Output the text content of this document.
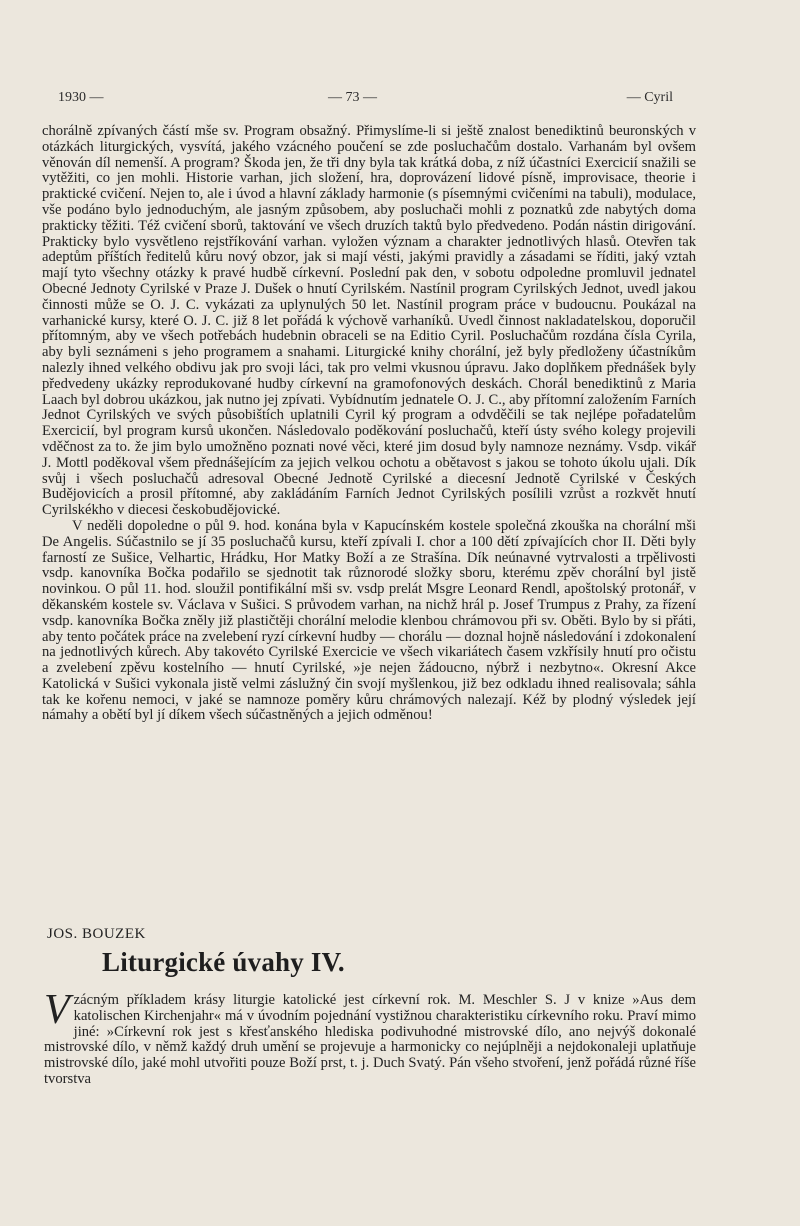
1930 —	— 73 —	— Cyril

chorálně zpívaných částí mše sv. Program obsažný. Přimyslíme-li si ještě znalost benediktinů beuronských v otázkách liturgických, vysvítá, jakého vzácného poučení se zde posluchačům dostalo. Varhanám byl ovšem věnován díl nemenší. A program? Škoda jen, že tři dny byla tak krátká doba, z níž účastníci Exercicií snažili se vytěžiti, co jen mohli. Historie varhan, jich složení, hra, doprovázení lidové písně, improvisace, theorie i praktické cvičení. Nejen to, ale i úvod a hlavní základy harmonie (s písemnými cvičeními na tabuli), modulace, vše podáno bylo jednoduchým, ale jasným způsobem, aby posluchači mohli z poznatků zde nabytých doma prakticky těžiti. Též cvičení sborů, taktování ve všech druzích taktů bylo předvedeno. Podán nástin dirigování. Prakticky bylo vysvětleno rejstříkování varhan. vyložen význam a charakter jednotlivých hlasů. Otevřen tak adeptům příštích ředitelů kůru nový obzor, jak si mají vésti, jakými pravidly a zásadami se říditi, jaký vztah mají tyto všechny otázky k pravé hudbě církevní. Poslední pak den, v sobotu odpoledne promluvil jednatel Obecné Jednoty Cyrilské v Praze J. Dušek o hnutí Cyrilském. Nastínil program Cyrilských Jednot, uvedl jakou činnosti může se O. J. C. vykázati za uplynulých 50 let. Nastínil program práce v budoucnu. Poukázal na varhanické kursy, které O. J. C. již 8 let pořádá k výchově varhaníků. Uvedl činnost nakladatelskou, doporučil přítomným, aby ve všech potřebách hudebnin obraceli se na Editio Cyril. Posluchačům rozdána čísla Cyrila, aby byli seznámeni s jeho programem a snahami. Liturgické knihy chorální, jež byly předloženy účastníkům nalezly ihned velkého obdivu jak pro svoji láci, tak pro velmi vkusnou úpravu. Jako doplňkem přednášek byly předvedeny ukázky reprodukované hudby církevní na gramofonových deskách. Chorál benediktinů z Maria Laach byl dobrou ukázkou, jak nutno jej zpívati. Vybídnutím jednatele O. J. C., aby přítomní založením Farních Jednot Cyrilských ve svých působištích uplatnili Cyril ký program a odvděčili se tak nejlépe pořadatelům Exercicií, byl program kursů ukončen. Následovalo poděkování posluchačů, kteří ústy svého kolegy projevili vděčnost za to. že jim bylo umožněno poznati nové věci, které jim dosud byly namnoze neznámy. Vsdp. vikář J. Mottl poděkoval všem přednášejícím za jejich velkou ochotu a obětavost s jakou se tohoto úkolu ujali. Dík svůj i všech posluchačů adresoval Obecné Jednotě Cyrilské a diecesní Jednotě Cyrilské v Českých Budějovicích a prosil přítomné, aby zakládáním Farních Jednot Cyrilských posílili vzrůst a rozkvět hnutí Cyrilskékho v diecesi českobudějovické.

V neděli dopoledne o půl 9. hod. konána byla v Kapucínském kostele společná zkouška na chorální mši De Angelis. Súčastnilo se jí 35 posluchačů kursu, kteří zpívali I. chor a 100 dětí zpívajících chor II. Děti byly farností ze Sušice, Velhartic, Hrádku, Hor Matky Boží a ze Strašína. Dík neúnavné vytrvalosti a trpělivosti vsdp. kanovníka Bočka podařilo se sjednotit tak různorodé složky sboru, kterému zpěv chorální byl jistě novinkou. O půl 11. hod. sloužil pontifikální mši sv. vsdp prelát Msgre Leonard Rendl, apoštolský protonář, v děkanském kostele sv. Václava v Sušici. S průvodem varhan, na nichž hrál p. Josef Trumpus z Prahy, za řízení vsdp. kanovníka Bočka zněly již plastičtěji chorální melodie klenbou chrámovou při sv. Oběti. Bylo by si přáti, aby tento počátek práce na zvelebení ryzí církevní hudby — chorálu — doznal hojně následování i zdokonalení na jednotlivých kůrech. Aby takovéto Cyrilské Exercicie ve všech vikariátech časem vzkřísily hnutí pro očistu a zvelebení zpěvu kostelního — hnutí Cyrilské, »je nejen žádoucno, nýbrž i nezbytno«. Okresní Akce Katolická v Sušici vykonala jistě velmi záslužný čin svojí myšlenkou, již bez odkladu ihned realisovala; sáhla tak ke kořenu nemoci, v jaké se namnoze poměry kůru chrámových nalezají. Kéž by plodný výsledek její námahy a obětí byl jí díkem všech súčastněných a jejich odměnou!

JOS. BOUZEK
Liturgické úvahy IV.
Vzácným příkladem krásy liturgie katolické jest církevní rok. M. Meschler S. J v knize »Aus dem katolischen Kirchenjahr« má v úvodním pojednání vystižnou charakteristiku církevního roku. Praví mimo jiné: »Církevní rok jest s křesťanského hlediska podivuhodné mistrovské dílo, ano nejvýš dokonalé mistrovské dílo, v němž každý druh umění se projevuje a harmonicky co nejúplněji a nejdokonaleji uplatňuje mistrovské dílo, jaké mohl utvořiti pouze Boží prst, t. j. Duch Svatý. Pán všeho stvoření, jenž pořádá různé říše tvorstva
